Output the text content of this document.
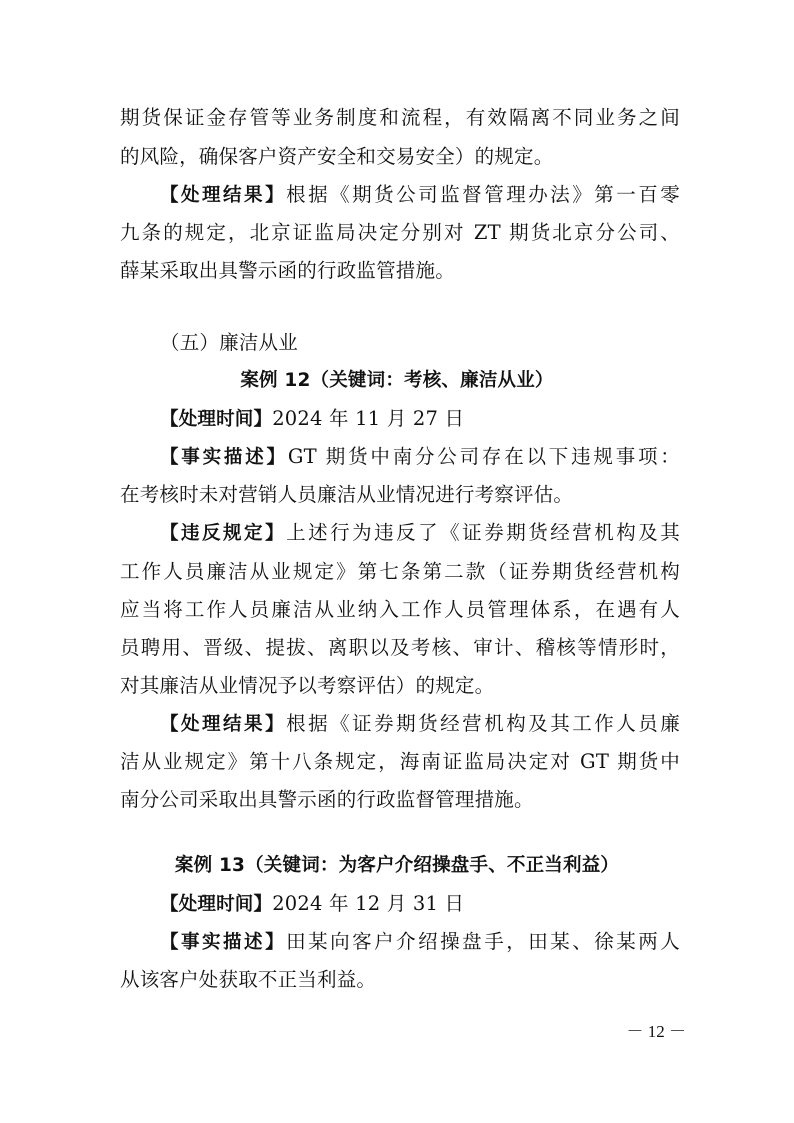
期货保证金存管等业务制度和流程，有效隔离不同业务之间
的风险，确保客户资产安全和交易安全）的规定。
【处理结果】根据《期货公司监督管理办法》第一百零
九条的规定，北京证监局决定分别对 ZT 期货北京分公司、
薛某采取出具警示函的行政监管措施。
（五）廉洁从业
案例 12（关键词：考核、廉洁从业）
【处理时间】2024 年 11 月 27 日
【事实描述】GT 期货中南分公司存在以下违规事项：
在考核时未对营销人员廉洁从业情况进行考察评估。
【违反规定】上述行为违反了《证券期货经营机构及其
工作人员廉洁从业规定》第七条第二款（证券期货经营机构
应当将工作人员廉洁从业纳入工作人员管理体系，在遇有人
员聘用、晋级、提拔、离职以及考核、审计、稽核等情形时，
对其廉洁从业情况予以考察评估）的规定。
【处理结果】根据《证券期货经营机构及其工作人员廉
洁从业规定》第十八条规定，海南证监局决定对 GT 期货中
南分公司采取出具警示函的行政监督管理措施。
案例 13（关键词：为客户介绍操盘手、不正当利益）
【处理时间】2024 年 12 月 31 日
【事实描述】田某向客户介绍操盘手，田某、徐某两人
从该客户处获取不正当利益。
－ 12 －
